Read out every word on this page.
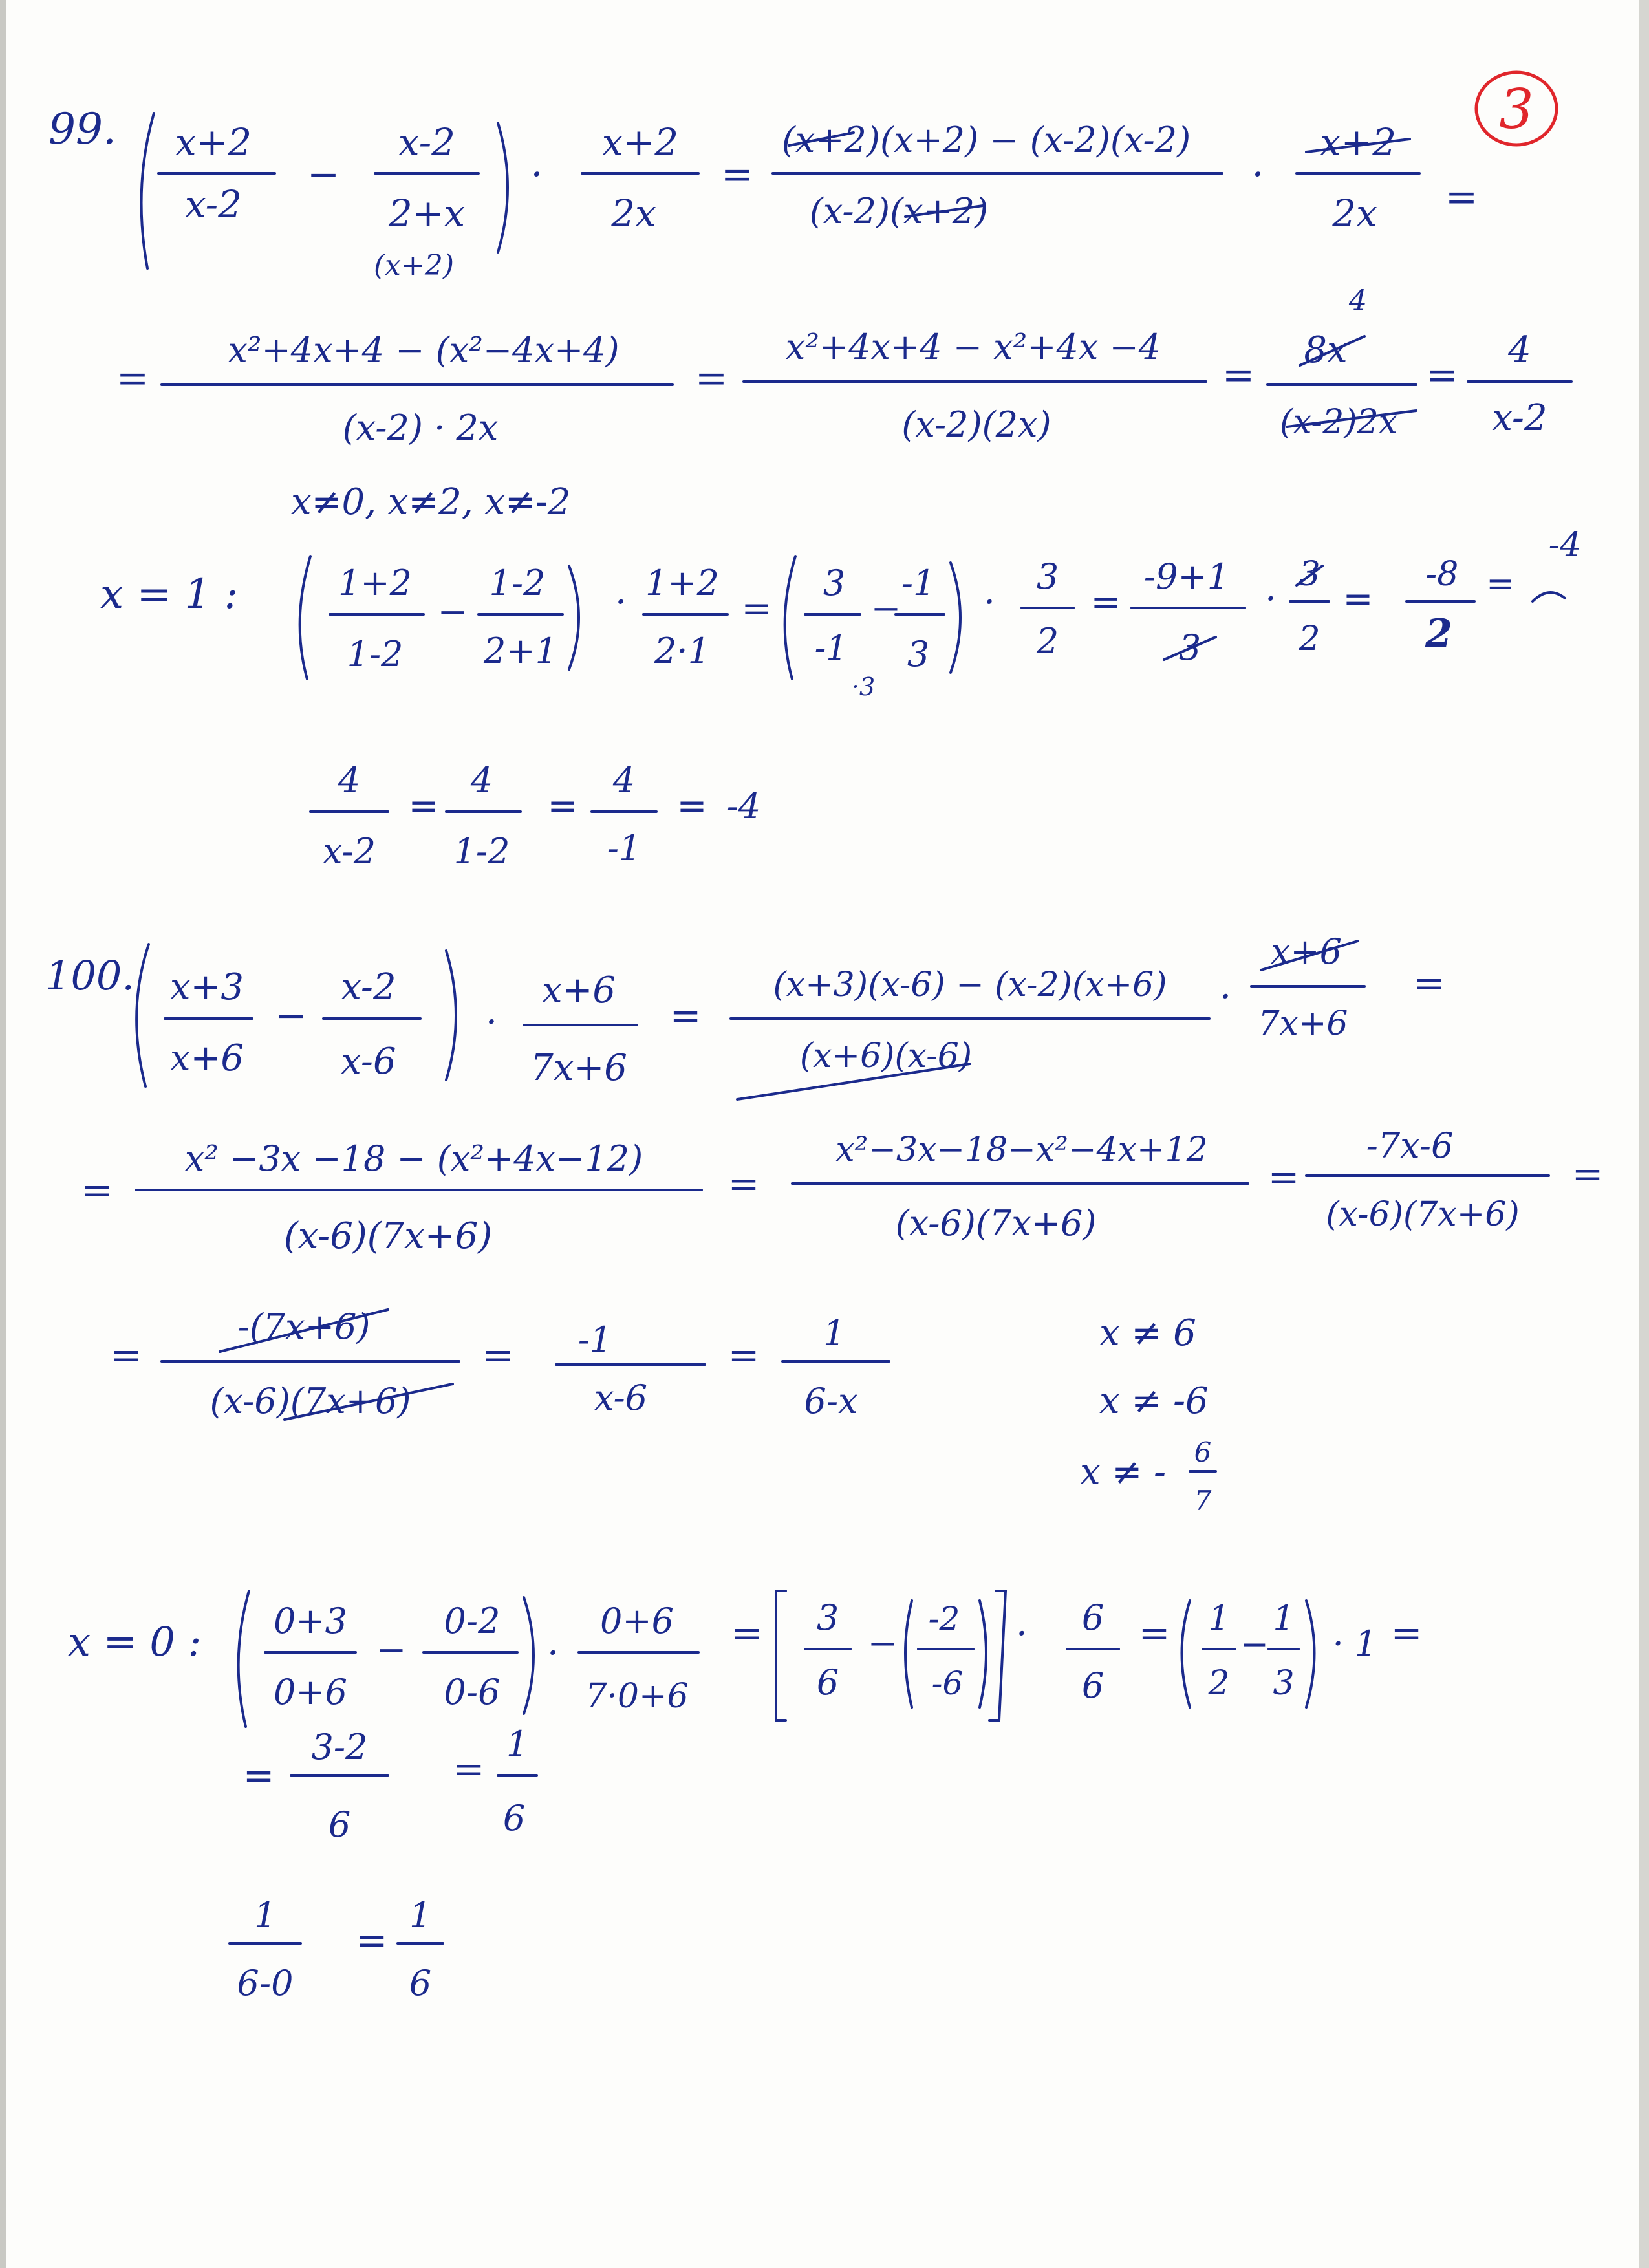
3
99. x+2
x-2
−
x-2
2+x
(x+2)
·
x+2
2x
=
(x+2)(x+2) − (x-2)(x-2)
(x-2)(x+2)
·
x+2
2x =
=
x²+4x+4 − (x²−4x+4)
(x-2) · 2x
=
x²+4x+4 − x²+4x −4
(x-2)(2x)
=
8x
4
(x-2)2x
=
4
x-2
x≠0, x≠2, x≠-2
x = 1 :	1+2
1-2
−
1-2
2+1
· 1+2
2·1
=
3
-1
·3
−
-1
3
·
3
2
=
-9+1
3
·
3
2
=
-8
2
=
-4
4
x-2
=
4
1-2
=
4
-1
= -4
100. x+3
x+6
−
x-2
x-6
·
x+6
7x+6
=
(x+3)(x-6) − (x-2)(x+6)
(x+6)(x-6)
·
x+6
7x+6
=
=
x² −3x −18 − (x²+4x−12)
(x-6)(7x+6)
=
x²−3x−18−x²−4x+12
(x-6)(7x+6)
=
-7x-6
(x-6)(7x+6)
=
=
-(7x+6)
(x-6)(7x+6)
= -1
x-6
= 1
6-x
x ≠ 6
x ≠ -6
x ≠ - 6
7
x = 0 : 0+3
0+6
−
0-2
0-6
·
0+6
7·0+6
= 3
6
−
-2
-6
· 6
6
= 1
2
−
1
3
· 1 =
=
3-2
6
=
1
6
1
6-0
=
1
6
